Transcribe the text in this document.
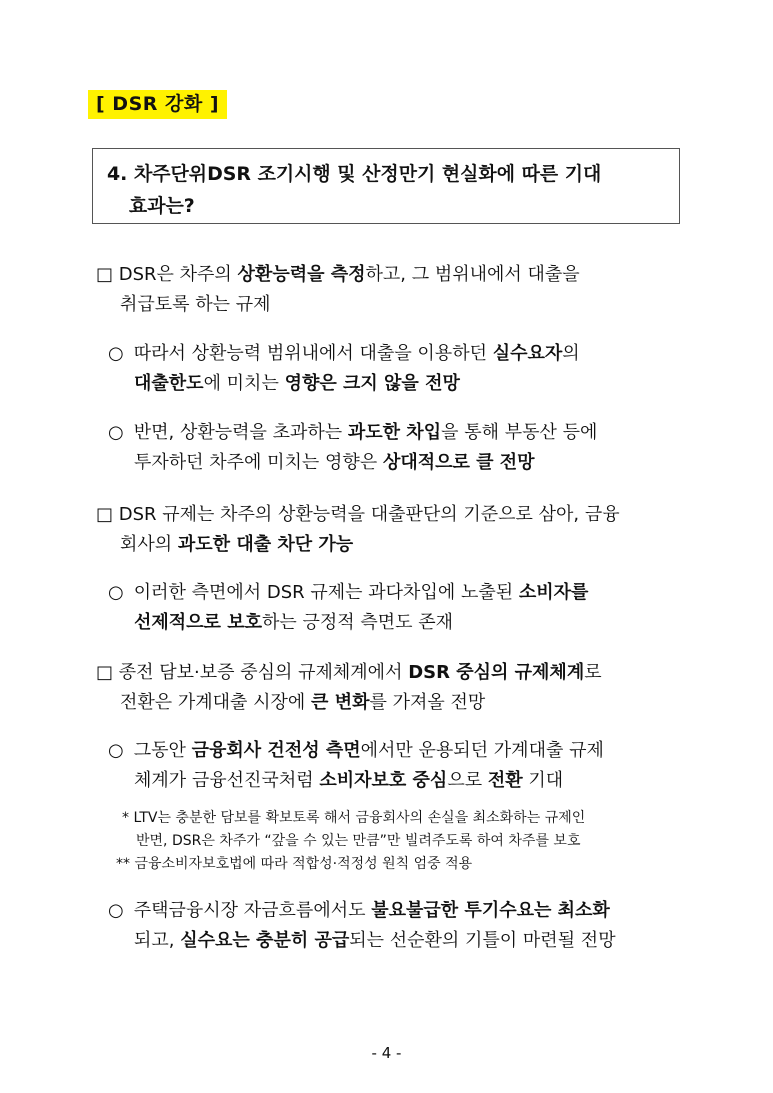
[ DSR 강화 ]
4. 차주단위DSR 조기시행 및 산정만기 현실화에 따른 기대
효과는?
□ DSR은 차주의 상환능력을 측정하고, 그 범위내에서 대출을
취급토록 하는 규제
○ 따라서 상환능력 범위내에서 대출을 이용하던 실수요자의
대출한도에 미치는 영향은 크지 않을 전망
○ 반면, 상환능력을 초과하는 과도한 차입을 통해 부동산 등에
투자하던 차주에 미치는 영향은 상대적으로 클 전망
□ DSR 규제는 차주의 상환능력을 대출판단의 기준으로 삼아, 금융
회사의 과도한 대출 차단 가능
○ 이러한 측면에서 DSR 규제는 과다차입에 노출된 소비자를
선제적으로 보호하는 긍정적 측면도 존재
□ 종전 담보·보증 중심의 규제체계에서 DSR 중심의 규제체계로
전환은 가계대출 시장에 큰 변화를 가져올 전망
○ 그동안 금융회사 건전성 측면에서만 운용되던 가계대출 규제
체계가 금융선진국처럼 소비자보호 중심으로 전환 기대
* LTV는 충분한 담보를 확보토록 해서 금융회사의 손실을 최소화하는 규제인
반면, DSR은 차주가 “갚을 수 있는 만큼”만 빌려주도록 하여 차주를 보호
** 금융소비자보호법에 따라 적합성·적정성 원칙 엄중 적용
○ 주택금융시장 자금흐름에서도 불요불급한 투기수요는 최소화
되고, 실수요는 충분히 공급되는 선순환의 기틀이 마련될 전망
- 4 -
